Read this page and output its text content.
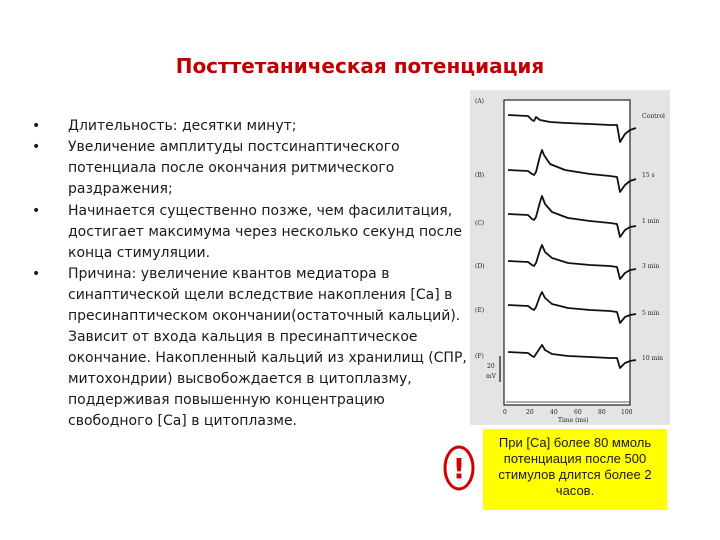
Посттетаническая потенциация
• Длительность: десятки минут;
• Увеличение амплитуды постсинаптического потенциала после окончания ритмического раздражения;
• Начинается существенно позже, чем фасилитация, достигает максимума через несколько секунд после конца стимуляции.
• Причина: увеличение квантов медиатора в синаптической щели вследствие накопления [Ca] в пресинаптическом окончании(остаточный кальций). Зависит от входа кальция в пресинаптическое окончание. Накопленный кальций из хранилищ (СПР, митохондрии) высвобождается в цитоплазму, поддерживая повышенную концентрацию свободного [Ca] в цитоплазме.
(A)
(B)
(C)
(D)
(E)
(F)
Control
15 s
1 min
3 min
5 min
10 min
20
mV
0	20	40	60	80	100
Time (ms)
!
При [Ca] более 80 ммоль потенциация после 500 стимулов длится более 2 часов.
